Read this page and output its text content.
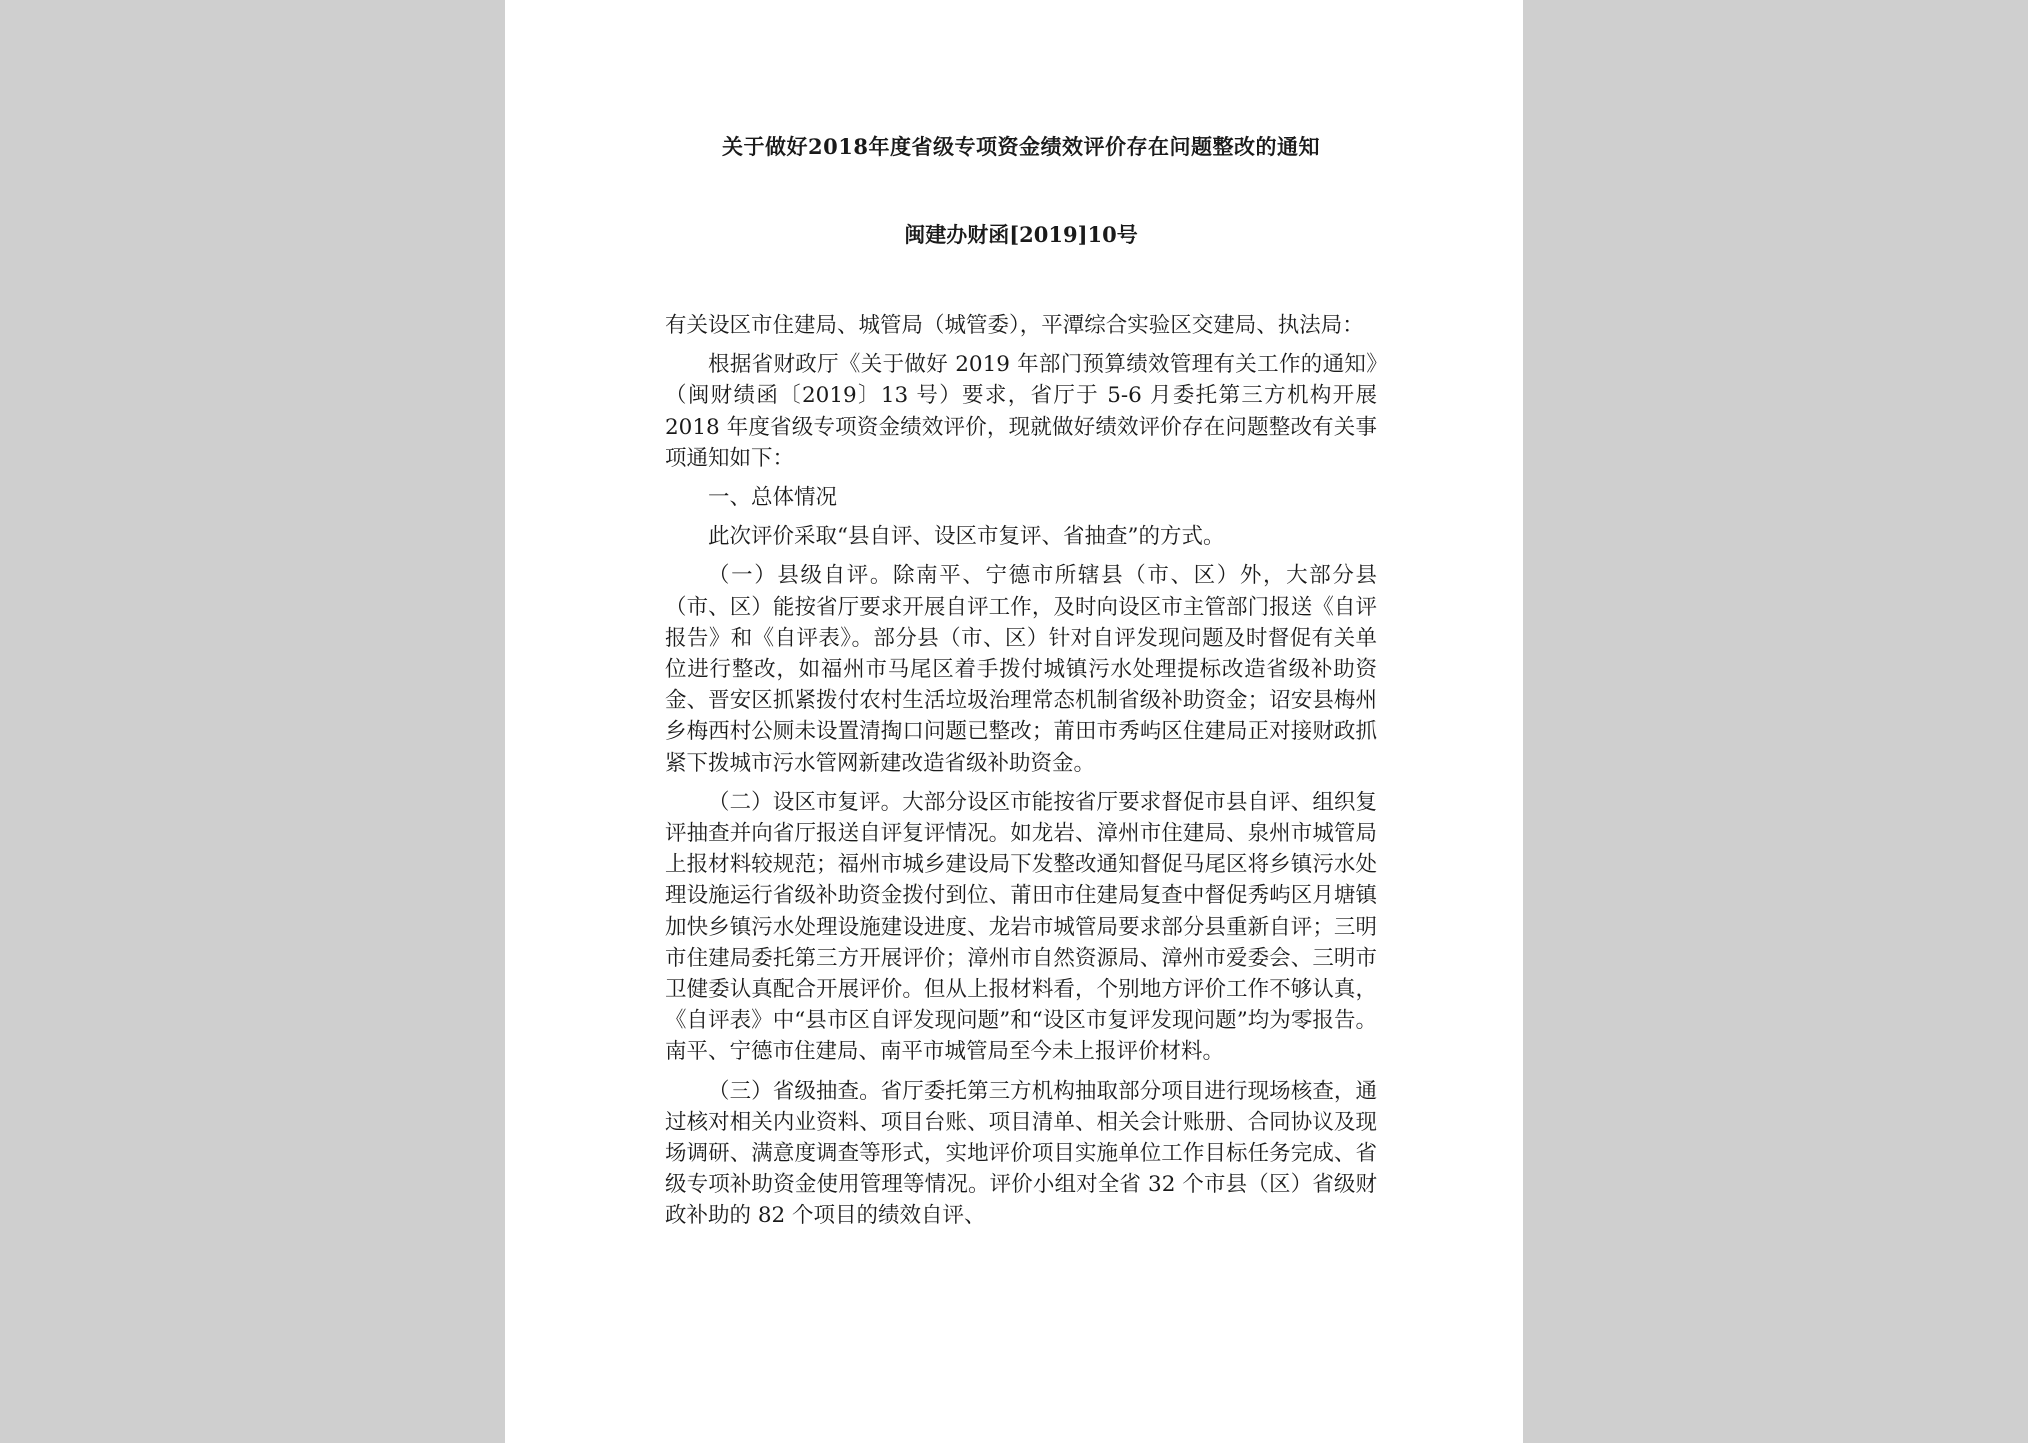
关于做好2018年度省级专项资金绩效评价存在问题整改的通知
闽建办财函[2019]10号

有关设区市住建局、城管局（城管委），平潭综合实验区交建局、执法局：

根据省财政厅《关于做好 2019 年部门预算绩效管理有关工作的通知》（闽财绩函〔2019〕13 号）要求，省厅于 5-6 月委托第三方机构开展 2018 年度省级专项资金绩效评价，现就做好绩效评价存在问题整改有关事项通知如下：

一、总体情况

此次评价采取“县自评、设区市复评、省抽查”的方式。

（一）县级自评。除南平、宁德市所辖县（市、区）外，大部分县（市、区）能按省厅要求开展自评工作，及时向设区市主管部门报送《自评报告》和《自评表》。部分县（市、区）针对自评发现问题及时督促有关单位进行整改，如福州市马尾区着手拨付城镇污水处理提标改造省级补助资金、晋安区抓紧拨付农村生活垃圾治理常态机制省级补助资金；诏安县梅州乡梅西村公厕未设置清掏口问题已整改；莆田市秀屿区住建局正对接财政抓紧下拨城市污水管网新建改造省级补助资金。

（二）设区市复评。大部分设区市能按省厅要求督促市县自评、组织复评抽查并向省厅报送自评复评情况。如龙岩、漳州市住建局、泉州市城管局上报材料较规范；福州市城乡建设局下发整改通知督促马尾区将乡镇污水处理设施运行省级补助资金拨付到位、莆田市住建局复查中督促秀屿区月塘镇加快乡镇污水处理设施建设进度、龙岩市城管局要求部分县重新自评；三明市住建局委托第三方开展评价；漳州市自然资源局、漳州市爱委会、三明市卫健委认真配合开展评价。但从上报材料看，个别地方评价工作不够认真，《自评表》中“县市区自评发现问题”和“设区市复评发现问题”均为零报告。南平、宁德市住建局、南平市城管局至今未上报评价材料。

（三）省级抽查。省厅委托第三方机构抽取部分项目进行现场核查，通过核对相关内业资料、项目台账、项目清单、相关会计账册、合同协议及现场调研、满意度调查等形式，实地评价项目实施单位工作目标任务完成、省级专项补助资金使用管理等情况。评价小组对全省 32 个市县（区）省级财政补助的 82 个项目的绩效自评、
